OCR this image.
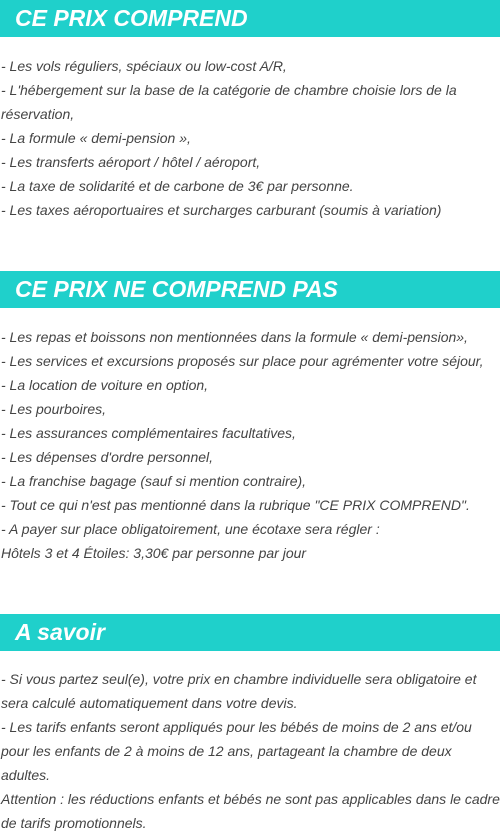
CE PRIX COMPREND
- Les vols réguliers, spéciaux ou low-cost A/R,
- L'hébergement sur la base de la catégorie de chambre choisie lors de la réservation,
- La formule « demi-pension »,
- Les transferts aéroport / hôtel / aéroport,
- La taxe de solidarité et de carbone de 3€ par personne.
- Les taxes aéroportuaires et surcharges carburant (soumis à variation)
CE PRIX NE COMPREND PAS
- Les repas et boissons non mentionnées dans la formule « demi-pension»,
- Les services et excursions proposés sur place pour agrémenter votre séjour,
- La location de voiture en option,
- Les pourboires,
- Les assurances complémentaires facultatives,
- Les dépenses d'ordre personnel,
- La franchise bagage (sauf si mention contraire),
- Tout ce qui n'est pas mentionné dans la rubrique "CE PRIX COMPREND".
- A payer sur place obligatoirement, une écotaxe sera régler :
Hôtels 3 et 4 Étoiles: 3,30€ par personne par jour
A savoir
- Si vous partez seul(e), votre prix en chambre individuelle sera obligatoire et sera calculé automatiquement dans votre devis.
- Les tarifs enfants seront appliqués pour les bébés de moins de 2 ans et/ou pour les enfants de 2 à moins de 12 ans, partageant la chambre de deux adultes.
Attention : les réductions enfants et bébés ne sont pas applicables dans le cadre de tarifs promotionnels.
